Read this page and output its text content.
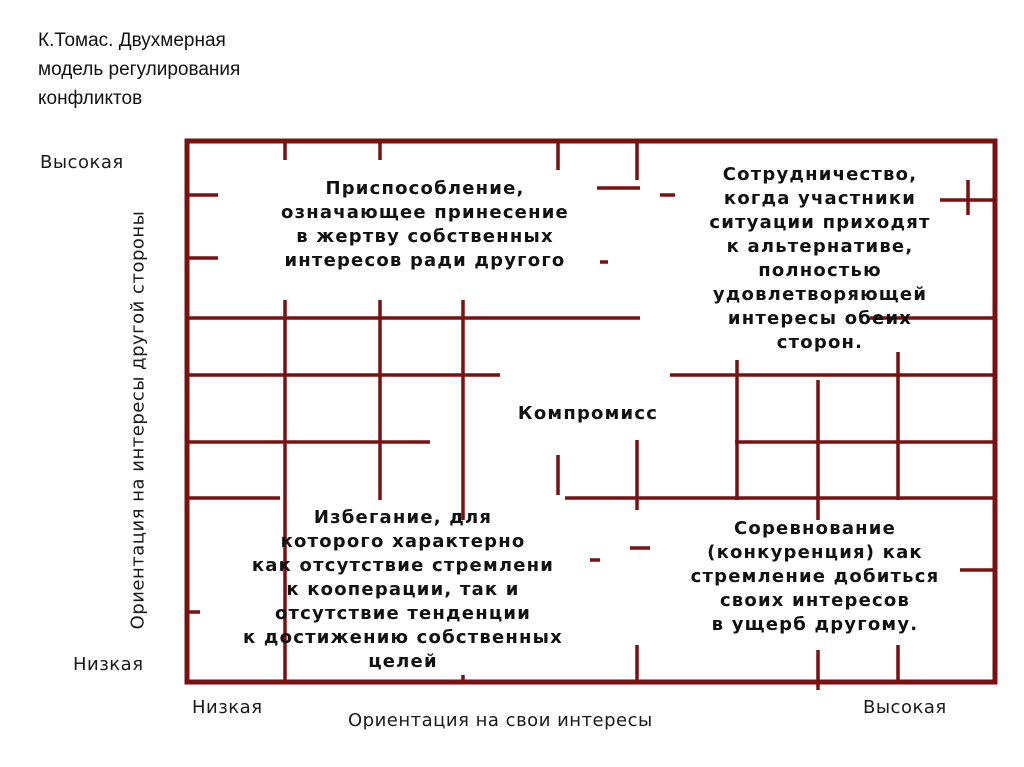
К.Томас. Двухмерная
модель регулирования
конфликтов
Высокая
Низкая
Ориентация на интересы другой стороны
Низкая	Высокая
Ориентация на свои интересы
Приспособление,
означающее принесение
в жертву собственных
интересов ради другого
Сотрудничество,
когда участники
ситуации приходят
к альтернативе,
полностью
удовлетворяющей
интересы обеих
сторон.
Компромисс
Избегание, для
которого характерно
как отсутствие стремлени
к кооперации, так и
отсутствие тенденции
к достижению собственных
целей
Соревнование
(конкуренция) как
стремление добиться
своих интересов
в ущерб другому.
